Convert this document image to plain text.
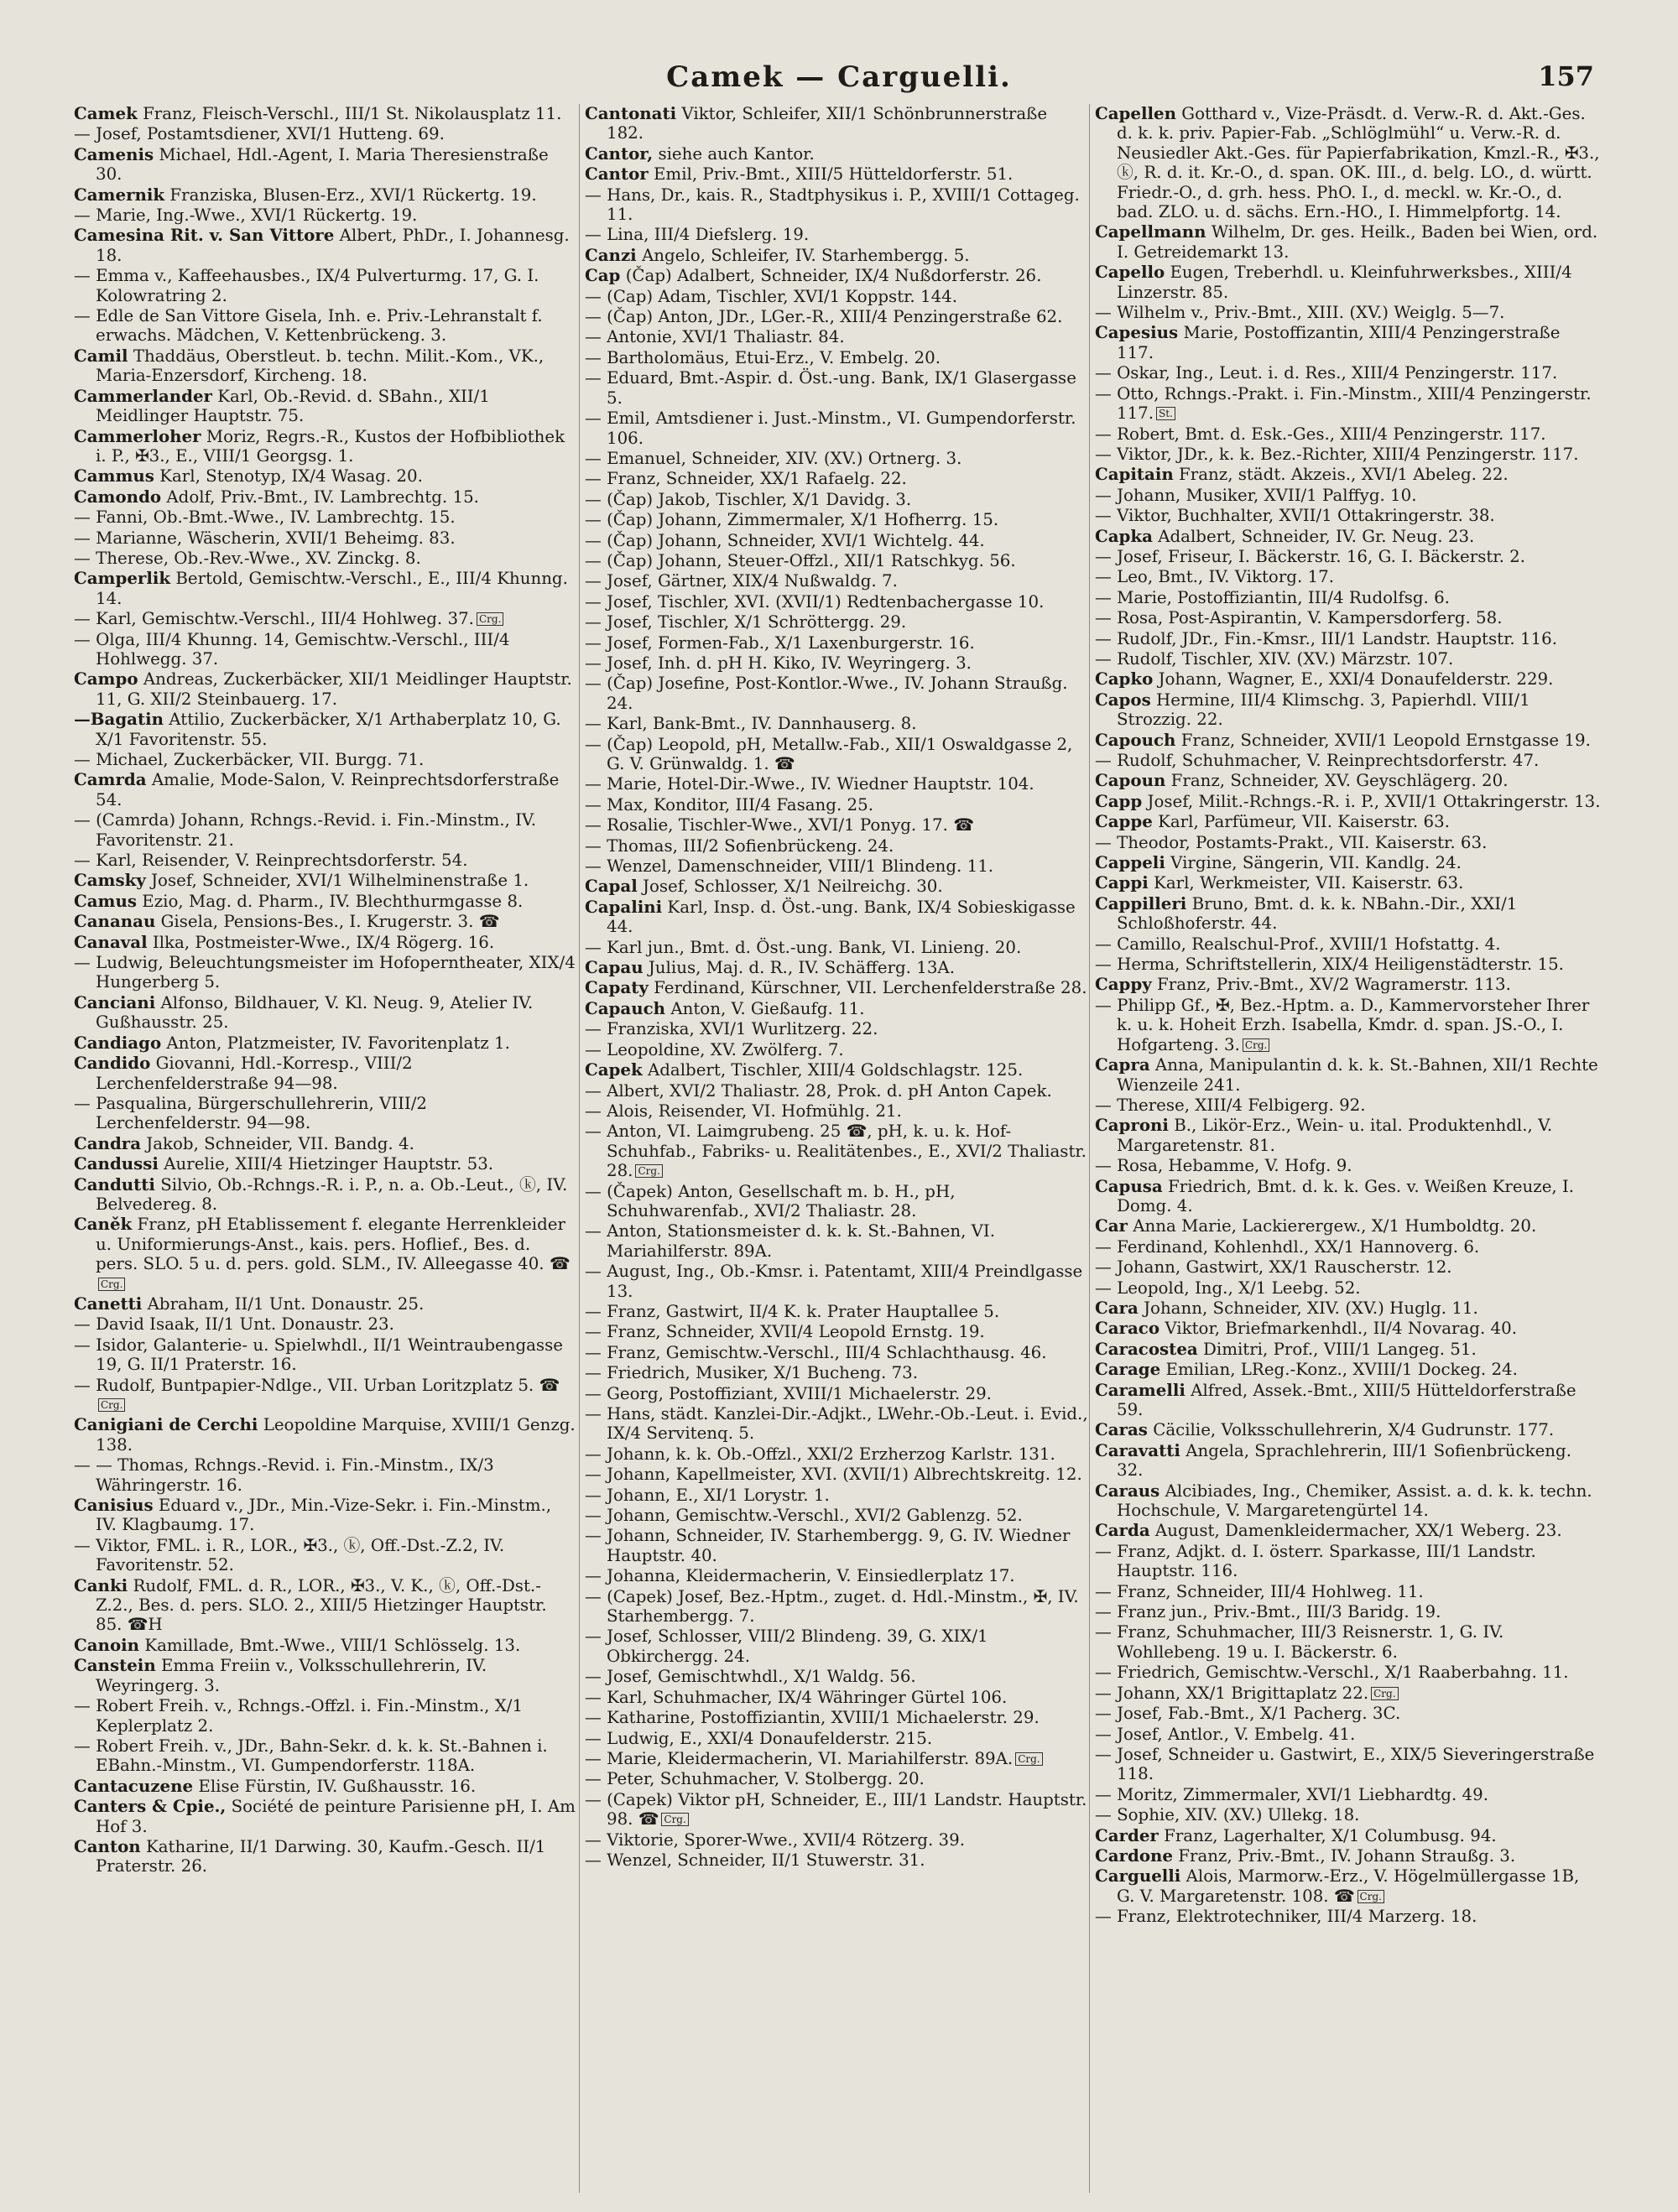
Camek — Carguelli.	157

Camek Franz, Fleisch-Verschl., III/1 St. Nikolausplatz 11.

— Josef, Postamtsdiener, XVI/1 Hutteng. 69.

Camenis Michael, Hdl.-Agent, I. Maria Theresienstraße 30.

Camernik Franziska, Blusen-Erz., XVI/1 Rückertg. 19.

— Marie, Ing.-Wwe., XVI/1 Rückertg. 19.

Camesina Rit. v. San Vittore Albert, PhDr., I. Johannesg. 18.

— Emma v., Kaffeehausbes., IX/4 Pulverturmg. 17, G. I. Kolowratring 2.

— Edle de San Vittore Gisela, Inh. e. Priv.-Lehranstalt f. erwachs. Mädchen, V. Kettenbrückeng. 3.

Camil Thaddäus, Oberstleut. b. techn. Milit.-Kom., VK., Maria-Enzersdorf, Kircheng. 18.

Cammerlander Karl, Ob.-Revid. d. SBahn., XII/1 Meidlinger Hauptstr. 75.

Cammerloher Moriz, Regrs.-R., Kustos der Hofbibliothek i. P., ✠3., E., VIII/1 Georgsg. 1.

Cammus Karl, Stenotyp, IX/4 Wasag. 20.

Camondo Adolf, Priv.-Bmt., IV. Lambrechtg. 15.

— Fanni, Ob.-Bmt.-Wwe., IV. Lambrechtg. 15.

— Marianne, Wäscherin, XVII/1 Beheimg. 83.

— Therese, Ob.-Rev.-Wwe., XV. Zinckg. 8.

Camperlik Bertold, Gemischtw.-Verschl., E., III/4 Khunng. 14.

— Karl, Gemischtw.-Verschl., III/4 Hohlweg. 37. Crg.

— Olga, III/4 Khunng. 14, Gemischtw.-Verschl., III/4 Hohlwegg. 37.

Campo Andreas, Zuckerbäcker, XII/1 Meidlinger Hauptstr. 11, G. XII/2 Steinbauerg. 17.

—Bagatin Attilio, Zuckerbäcker, X/1 Arthaberplatz 10, G. X/1 Favoritenstr. 55.

— Michael, Zuckerbäcker, VII. Burgg. 71.

Camrda Amalie, Mode-Salon, V. Reinprechtsdorferstraße 54.

— (Camrda) Johann, Rchngs.-Revid. i. Fin.-Minstm., IV. Favoritenstr. 21.

— Karl, Reisender, V. Reinprechtsdorferstr. 54.

Camsky Josef, Schneider, XVI/1 Wilhelminenstraße 1.

Camus Ezio, Mag. d. Pharm., IV. Blechthurmgasse 8.

Cananau Gisela, Pensions-Bes., I. Krugerstr. 3. ☎

Canaval Ilka, Postmeister-Wwe., IX/4 Rögerg. 16.

— Ludwig, Beleuchtungsmeister im Hofoperntheater, XIX/4 Hungerberg 5.

Canciani Alfonso, Bildhauer, V. Kl. Neug. 9, Atelier IV. Gußhausstr. 25.

Candiago Anton, Platzmeister, IV. Favoritenplatz 1.

Candido Giovanni, Hdl.-Korresp., VIII/2 Lerchenfelderstraße 94—98.

— Pasqualina, Bürgerschullehrerin, VIII/2 Lerchenfelderstr. 94—98.

Candra Jakob, Schneider, VII. Bandg. 4.

Candussi Aurelie, XIII/4 Hietzinger Hauptstr. 53.

Candutti Silvio, Ob.-Rchngs.-R. i. P., n. a. Ob.-Leut., ⓚ, IV. Belvedereg. 8.

Caněk Franz, pH Etablissement f. elegante Herrenkleider u. Uniformierungs-Anst., kais. pers. Hoflief., Bes. d. pers. SLO. 5 u. d. pers. gold. SLM., IV. Alleegasse 40. ☎Crg.

Canetti Abraham, II/1 Unt. Donaustr. 25.

— David Isaak, II/1 Unt. Donaustr. 23.

— Isidor, Galanterie- u. Spielwhdl., II/1 Weintraubengasse 19, G. II/1 Praterstr. 16.

— Rudolf, Buntpapier-Ndlge., VII. Urban Loritzplatz 5. ☎Crg.

Canigiani de Cerchi Leopoldine Marquise, XVIII/1 Genzg. 138.

— — Thomas, Rchngs.-Revid. i. Fin.-Minstm., IX/3 Währingerstr. 16.

Canisius Eduard v., JDr., Min.-Vize-Sekr. i. Fin.-Minstm., IV. Klagbaumg. 17.

— Viktor, FML. i. R., LOR., ✠3., ⓚ, Off.-Dst.-Z.2, IV. Favoritenstr. 52.

Canki Rudolf, FML. d. R., LOR., ✠3., V. K., ⓚ, Off.-Dst.-Z.2., Bes. d. pers. SLO. 2., XIII/5 Hietzinger Hauptstr. 85. ☎H

Canoin Kamillade, Bmt.-Wwe., VIII/1 Schlösselg. 13.

Canstein Emma Freiin v., Volksschullehrerin, IV. Weyringerg. 3.

— Robert Freih. v., Rchngs.-Offzl. i. Fin.-Minstm., X/1 Keplerplatz 2.

— Robert Freih. v., JDr., Bahn-Sekr. d. k. k. St.-Bahnen i. EBahn.-Minstm., VI. Gumpendorferstr. 118A.

Cantacuzene Elise Fürstin, IV. Gußhausstr. 16.

Canters & Cpie., Société de peinture Parisienne pH, I. Am Hof 3.

Canton Katharine, II/1 Darwing. 30, Kaufm.-Gesch. II/1 Praterstr. 26.

Cantonati Viktor, Schleifer, XII/1 Schönbrunnerstraße 182.

Cantor, siehe auch Kantor.

Cantor Emil, Priv.-Bmt., XIII/5 Hütteldorferstr. 51.

— Hans, Dr., kais. R., Stadtphysikus i. P., XVIII/1 Cottageg. 11.

— Lina, III/4 Diefslerg. 19.

Canzi Angelo, Schleifer, IV. Starhembergg. 5.

Cap (Čap) Adalbert, Schneider, IX/4 Nußdorferstr. 26.

— (Cap) Adam, Tischler, XVI/1 Koppstr. 144.

— (Čap) Anton, JDr., LGer.-R., XIII/4 Penzingerstraße 62.

— Antonie, XVI/1 Thaliastr. 84.

— Bartholomäus, Etui-Erz., V. Embelg. 20.

— Eduard, Bmt.-Aspir. d. Öst.-ung. Bank, IX/1 Glasergasse 5.

— Emil, Amtsdiener i. Just.-Minstm., VI. Gumpendorferstr. 106.

— Emanuel, Schneider, XIV. (XV.) Ortnerg. 3.

— Franz, Schneider, XX/1 Rafaelg. 22.

— (Čap) Jakob, Tischler, X/1 Davidg. 3.

— (Čap) Johann, Zimmermaler, X/1 Hofherrg. 15.

— (Čap) Johann, Schneider, XVI/1 Wichtelg. 44.

— (Čap) Johann, Steuer-Offzl., XII/1 Ratschkyg. 56.

— Josef, Gärtner, XIX/4 Nußwaldg. 7.

— Josef, Tischler, XVI. (XVII/1) Redtenbachergasse 10.

— Josef, Tischler, X/1 Schröttergg. 29.

— Josef, Formen-Fab., X/1 Laxenburgerstr. 16.

— Josef, Inh. d. pH H. Kiko, IV. Weyringerg. 3.

— (Čap) Josefine, Post-Kontlor.-Wwe., IV. Johann Straußg. 24.

— Karl, Bank-Bmt., IV. Dannhauserg. 8.

— (Čap) Leopold, pH, Metallw.-Fab., XII/1 Oswaldgasse 2, G. V. Grünwaldg. 1. ☎

— Marie, Hotel-Dir.-Wwe., IV. Wiedner Hauptstr. 104.

— Max, Konditor, III/4 Fasang. 25.

— Rosalie, Tischler-Wwe., XVI/1 Ponyg. 17. ☎

— Thomas, III/2 Sofienbrückeng. 24.

— Wenzel, Damenschneider, VIII/1 Blindeng. 11.

Capal Josef, Schlosser, X/1 Neilreichg. 30.

Capalini Karl, Insp. d. Öst.-ung. Bank, IX/4 Sobieskigasse 44.

— Karl jun., Bmt. d. Öst.-ung. Bank, VI. Linieng. 20.

Capau Julius, Maj. d. R., IV. Schäfferg. 13A.

Capaty Ferdinand, Kürschner, VII. Lerchenfelderstraße 28.

Capauch Anton, V. Gießaufg. 11.

— Franziska, XVI/1 Wurlitzerg. 22.

— Leopoldine, XV. Zwölferg. 7.

Capek Adalbert, Tischler, XIII/4 Goldschlagstr. 125.

— Albert, XVI/2 Thaliastr. 28, Prok. d. pH Anton Capek.

— Alois, Reisender, VI. Hofmühlg. 21.

— Anton, VI. Laimgrubeng. 25 ☎, pH, k. u. k. Hof-Schuhfab., Fabriks- u. Realitätenbes., E., XVI/2 Thaliastr. 28. Crg.

— (Čapek) Anton, Gesellschaft m. b. H., pH, Schuhwarenfab., XVI/2 Thaliastr. 28.

— Anton, Stationsmeister d. k. k. St.-Bahnen, VI. Mariahilferstr. 89A.

— August, Ing., Ob.-Kmsr. i. Patentamt, XIII/4 Preindlgasse 13.

— Franz, Gastwirt, II/4 K. k. Prater Hauptallee 5.

— Franz, Schneider, XVII/4 Leopold Ernstg. 19.

— Franz, Gemischtw.-Verschl., III/4 Schlachthausg. 46.

— Friedrich, Musiker, X/1 Bucheng. 73.

— Georg, Postoffiziant, XVIII/1 Michaelerstr. 29.

— Hans, städt. Kanzlei-Dir.-Adjkt., LWehr.-Ob.-Leut. i. Evid., IX/4 Servitenq. 5.

— Johann, k. k. Ob.-Offzl., XXI/2 Erzherzog Karlstr. 131.

— Johann, Kapellmeister, XVI. (XVII/1) Albrechtskreitg. 12.

— Johann, E., XI/1 Lorystr. 1.

— Johann, Gemischtw.-Verschl., XVI/2 Gablenzg. 52.

— Johann, Schneider, IV. Starhembergg. 9, G. IV. Wiedner Hauptstr. 40.

— Johanna, Kleidermacherin, V. Einsiedlerplatz 17.

— (Capek) Josef, Bez.-Hptm., zuget. d. Hdl.-Minstm., ✠, IV. Starhembergg. 7.

— Josef, Schlosser, VIII/2 Blindeng. 39, G. XIX/1 Obkirchergg. 24.

— Josef, Gemischtwhdl., X/1 Waldg. 56.

— Karl, Schuhmacher, IX/4 Währinger Gürtel 106.

— Katharine, Postoffiziantin, XVIII/1 Michaelerstr. 29.

— Ludwig, E., XXI/4 Donaufelderstr. 215.

— Marie, Kleidermacherin, VI. Mariahilferstr. 89A. Crg.

— Peter, Schuhmacher, V. Stolbergg. 20.

— (Capek) Viktor pH, Schneider, E., III/1 Landstr. Hauptstr. 98. ☎ Crg.

— Viktorie, Sporer-Wwe., XVII/4 Rötzerg. 39.

— Wenzel, Schneider, II/1 Stuwerstr. 31.

Capellen Gotthard v., Vize-Präsdt. d. Verw.-R. d. Akt.-Ges. d. k. k. priv. Papier-Fab. „Schlöglmühl“ u. Verw.-R. d. Neusiedler Akt.-Ges. für Papierfabrikation, Kmzl.-R., ✠3., ⓚ, R. d. it. Kr.-O., d. span. OK. III., d. belg. LO., d. württ. Friedr.-O., d. grh. hess. PhO. I., d. meckl. w. Kr.-O., d. bad. ZLO. u. d. sächs. Ern.-HO., I. Himmelpfortg. 14.

Capellmann Wilhelm, Dr. ges. Heilk., Baden bei Wien, ord. I. Getreidemarkt 13.

Capello Eugen, Treberhdl. u. Kleinfuhrwerksbes., XIII/4 Linzerstr. 85.

— Wilhelm v., Priv.-Bmt., XIII. (XV.) Weiglg. 5—7.

Capesius Marie, Postoffizantin, XIII/4 Penzingerstraße 117.

— Oskar, Ing., Leut. i. d. Res., XIII/4 Penzingerstr. 117.

— Otto, Rchngs.-Prakt. i. Fin.-Minstm., XIII/4 Penzingerstr. 117. St.

— Robert, Bmt. d. Esk.-Ges., XIII/4 Penzingerstr. 117.

— Viktor, JDr., k. k. Bez.-Richter, XIII/4 Penzingerstr. 117.

Capitain Franz, städt. Akzeis., XVI/1 Abeleg. 22.

— Johann, Musiker, XVII/1 Palffyg. 10.

— Viktor, Buchhalter, XVII/1 Ottakringerstr. 38.

Capka Adalbert, Schneider, IV. Gr. Neug. 23.

— Josef, Friseur, I. Bäckerstr. 16, G. I. Bäckerstr. 2.

— Leo, Bmt., IV. Viktorg. 17.

— Marie, Postoffiziantin, III/4 Rudolfsg. 6.

— Rosa, Post-Aspirantin, V. Kampersdorferg. 58.

— Rudolf, JDr., Fin.-Kmsr., III/1 Landstr. Hauptstr. 116.

— Rudolf, Tischler, XIV. (XV.) Märzstr. 107.

Capko Johann, Wagner, E., XXI/4 Donaufelderstr. 229.

Capos Hermine, III/4 Klimschg. 3, Papierhdl. VIII/1 Strozzig. 22.

Capouch Franz, Schneider, XVII/1 Leopold Ernstgasse 19.

— Rudolf, Schuhmacher, V. Reinprechtsdorferstr. 47.

Capoun Franz, Schneider, XV. Geyschlägerg. 20.

Capp Josef, Milit.-Rchngs.-R. i. P., XVII/1 Ottakringerstr. 13.

Cappe Karl, Parfümeur, VII. Kaiserstr. 63.

— Theodor, Postamts-Prakt., VII. Kaiserstr. 63.

Cappeli Virgine, Sängerin, VII. Kandlg. 24.

Cappi Karl, Werkmeister, VII. Kaiserstr. 63.

Cappilleri Bruno, Bmt. d. k. k. NBahn.-Dir., XXI/1 Schloßhoferstr. 44.

— Camillo, Realschul-Prof., XVIII/1 Hofstattg. 4.

— Herma, Schriftstellerin, XIX/4 Heiligenstädterstr. 15.

Cappy Franz, Priv.-Bmt., XV/2 Wagramerstr. 113.

— Philipp Gf., ✠, Bez.-Hptm. a. D., Kammervorsteher Ihrer k. u. k. Hoheit Erzh. Isabella, Kmdr. d. span. JS.-O., I. Hofgarteng. 3. Crg.

Capra Anna, Manipulantin d. k. k. St.-Bahnen, XII/1 Rechte Wienzeile 241.

— Therese, XIII/4 Felbigerg. 92.

Caproni B., Likör-Erz., Wein- u. ital. Produktenhdl., V. Margaretenstr. 81.

— Rosa, Hebamme, V. Hofg. 9.

Capusa Friedrich, Bmt. d. k. k. Ges. v. Weißen Kreuze, I. Domg. 4.

Car Anna Marie, Lackierergew., X/1 Humboldtg. 20.

— Ferdinand, Kohlenhdl., XX/1 Hannoverg. 6.

— Johann, Gastwirt, XX/1 Rauscherstr. 12.

— Leopold, Ing., X/1 Leebg. 52.

Cara Johann, Schneider, XIV. (XV.) Huglg. 11.

Caraco Viktor, Briefmarkenhdl., II/4 Novarag. 40.

Caracostea Dimitri, Prof., VIII/1 Langeg. 51.

Carage Emilian, LReg.-Konz., XVIII/1 Dockeg. 24.

Caramelli Alfred, Assek.-Bmt., XIII/5 Hütteldorferstraße 59.

Caras Cäcilie, Volksschullehrerin, X/4 Gudrunstr. 177.

Caravatti Angela, Sprachlehrerin, III/1 Sofienbrückeng. 32.

Caraus Alcibiades, Ing., Chemiker, Assist. a. d. k. k. techn. Hochschule, V. Margaretengürtel 14.

Carda August, Damenkleidermacher, XX/1 Weberg. 23.

— Franz, Adjkt. d. I. österr. Sparkasse, III/1 Landstr. Hauptstr. 116.

— Franz, Schneider, III/4 Hohlweg. 11.

— Franz jun., Priv.-Bmt., III/3 Baridg. 19.

— Franz, Schuhmacher, III/3 Reisnerstr. 1, G. IV. Wohllebeng. 19 u. I. Bäckerstr. 6.

— Friedrich, Gemischtw.-Verschl., X/1 Raaberbahng. 11.

— Johann, XX/1 Brigittaplatz 22. Crg.

— Josef, Fab.-Bmt., X/1 Pacherg. 3C.

— Josef, Antlor., V. Embelg. 41.

— Josef, Schneider u. Gastwirt, E., XIX/5 Sieveringerstraße 118.

— Moritz, Zimmermaler, XVI/1 Liebhardtg. 49.

— Sophie, XIV. (XV.) Ullekg. 18.

Carder Franz, Lagerhalter, X/1 Columbusg. 94.

Cardone Franz, Priv.-Bmt., IV. Johann Straußg. 3.

Carguelli Alois, Marmorw.-Erz., V. Högelmüllergasse 1B, G. V. Margaretenstr. 108. ☎ Crg.

— Franz, Elektrotechniker, III/4 Marzerg. 18.
